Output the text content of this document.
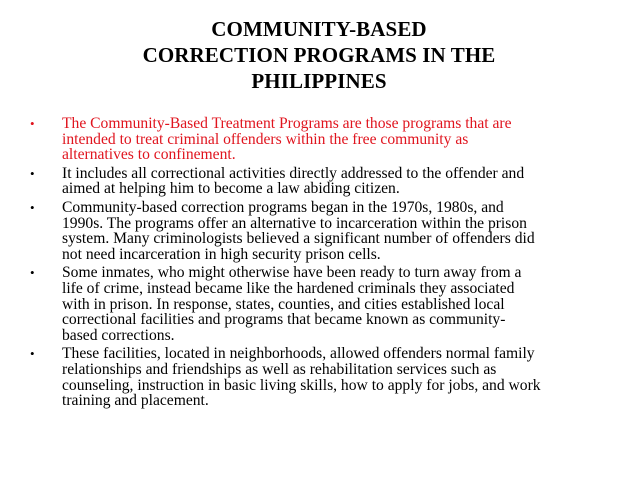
COMMUNITY-BASED
CORRECTION PROGRAMS IN THE
PHILIPPINES
• The Community-Based Treatment Programs are those programs that are
intended to treat criminal offenders within the free community as
alternatives to confinement.
• It includes all correctional activities directly addressed to the offender and
aimed at helping him to become a law abiding citizen.
• Community-based correction programs began in the 1970s, 1980s, and
1990s. The programs offer an alternative to incarceration within the prison
system. Many criminologists believed a significant number of offenders did
not need incarceration in high security prison cells.
• Some inmates, who might otherwise have been ready to turn away from a
life of crime, instead became like the hardened criminals they associated
with in prison. In response, states, counties, and cities established local
correctional facilities and programs that became known as community-
based corrections.
• These facilities, located in neighborhoods, allowed offenders normal family
relationships and friendships as well as rehabilitation services such as
counseling, instruction in basic living skills, how to apply for jobs, and work
training and placement.
